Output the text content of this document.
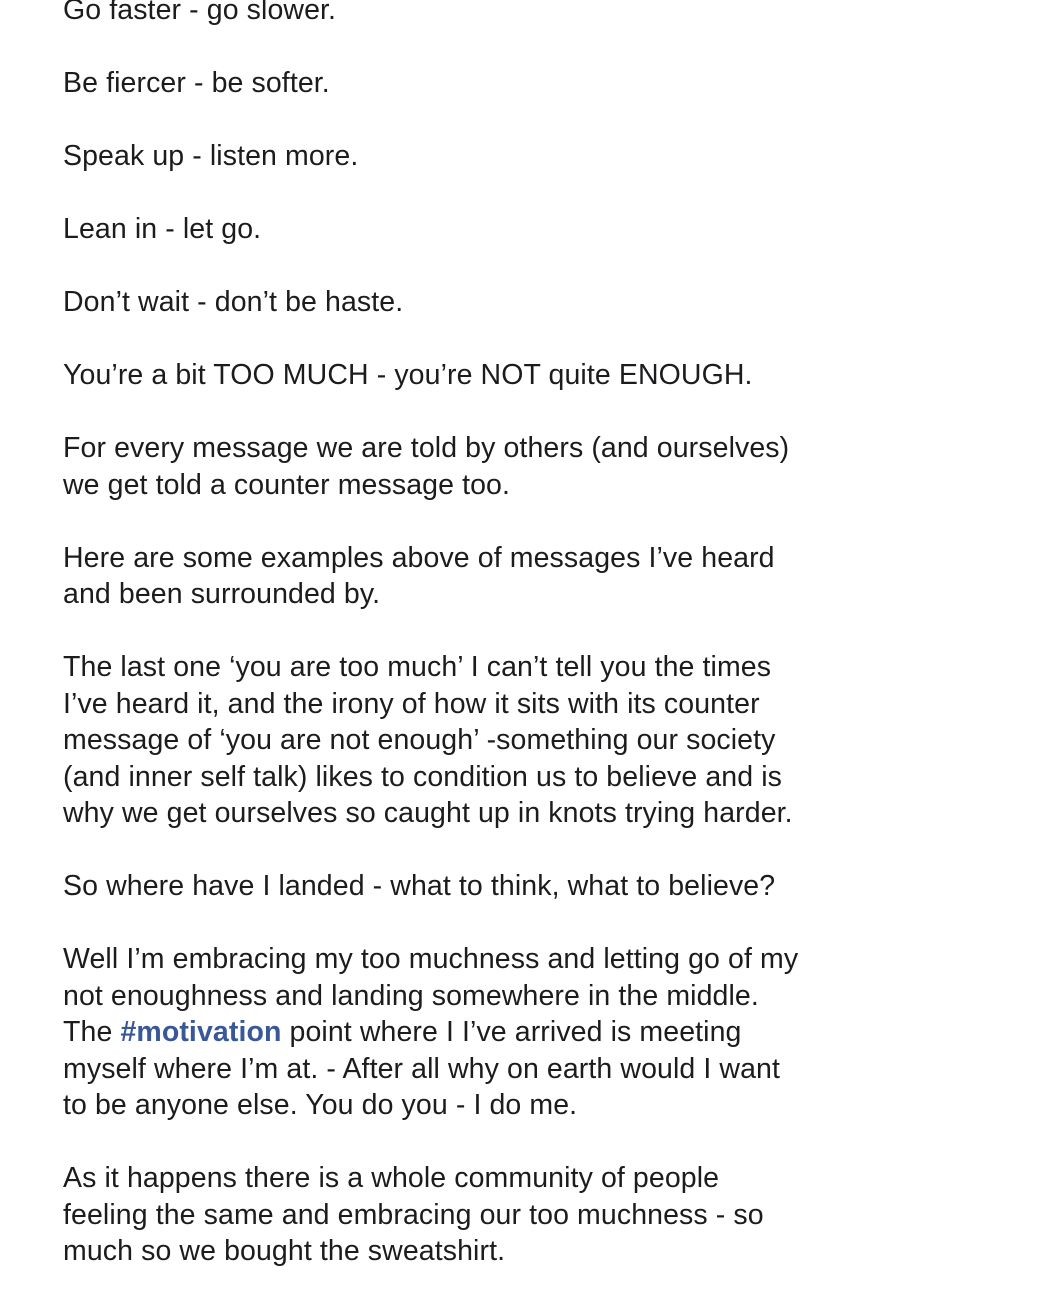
Go faster - go slower.

Be fiercer - be softer.

Speak up - listen more.

Lean in - let go.

Don’t wait - don’t be haste.

You’re a bit TOO MUCH - you’re NOT quite ENOUGH.

For every message we are told by others (and ourselves)
we get told a counter message too.

Here are some examples above of messages I’ve heard
and been surrounded by.

The last one ‘you are too much’ I can’t tell you the times
I’ve heard it, and the irony of how it sits with its counter
message of ‘you are not enough’ -something our society
(and inner self talk) likes to condition us to believe and is
why we get ourselves so caught up in knots trying harder.

So where have I landed - what to think, what to believe?

Well I’m embracing my too muchness and letting go of my
not enoughness and landing somewhere in the middle.
The #motivation point where I I’ve arrived is meeting
myself where I’m at. - After all why on earth would I want
to be anyone else. You do you - I do me.

As it happens there is a whole community of people
feeling the same and embracing our too muchness - so
much so we bought the sweatshirt.
